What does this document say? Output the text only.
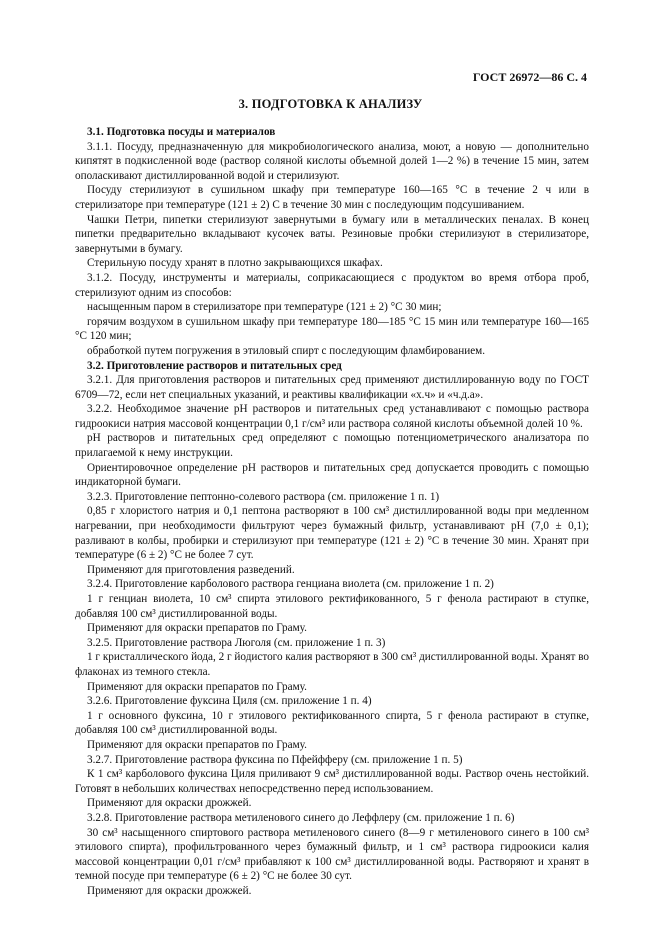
ГОСТ 26972—86 С. 4
3. ПОДГОТОВКА К АНАЛИЗУ

3.1. Подготовка посуды и материалов

3.1.1. Посуду, предназначенную для микробиологического анализа, моют, а новую — дополнительно кипятят в подкисленной воде (раствор соляной кислоты объемной долей 1—2 %) в течение 15 мин, затем ополаскивают дистиллированной водой и стерилизуют.

Посуду стерилизуют в сушильном шкафу при температуре 160—165 °С в течение 2 ч или в стерилизаторе при температуре (121 ± 2) С в течение 30 мин с последующим подсушиванием.

Чашки Петри, пипетки стерилизуют завернутыми в бумагу или в металлических пеналах. В конец пипетки предварительно вкладывают кусочек ваты. Резиновые пробки стерилизуют в стерилизаторе, завернутыми в бумагу.

Стерильную посуду хранят в плотно закрывающихся шкафах.

3.1.2. Посуду, инструменты и материалы, соприкасающиеся с продуктом во время отбора проб, стерилизуют одним из способов:

насыщенным паром в стерилизаторе при температуре (121 ± 2) °С 30 мин;

горячим воздухом в сушильном шкафу при температуре 180—185 °С 15 мин или температуре 160—165 °С 120 мин;

обработкой путем погружения в этиловый спирт с последующим фламбированием.

3.2. Приготовление растворов и питательных сред

3.2.1. Для приготовления растворов и питательных сред применяют дистиллированную воду по ГОСТ 6709—72, если нет специальных указаний, и реактивы квалификации «х.ч» и «ч.д.а».

3.2.2. Необходимое значение pH растворов и питательных сред устанавливают с помощью раствора гидроокиси натрия массовой концентрации 0,1 г/см³ или раствора соляной кислоты объемной долей 10 %.

pH растворов и питательных сред определяют с помощью потенциометрического анализатора по прилагаемой к нему инструкции.

Ориентировочное определение pH растворов и питательных сред допускается проводить с помощью индикаторной бумаги.

3.2.3. Приготовление пептонно-солевого раствора (см. приложение 1 п. 1)

0,85 г хлористого натрия и 0,1 пептона растворяют в 100 см³ дистиллированной воды при медленном нагревании, при необходимости фильтруют через бумажный фильтр, устанавливают pH (7,0 ± 0,1); разливают в колбы, пробирки и стерилизуют при температуре (121 ± 2) °С в течение 30 мин. Хранят при температуре (6 ± 2) °С не более 7 сут.

Применяют для приготовления разведений.

3.2.4. Приготовление карболового раствора генциана виолета (см. приложение 1 п. 2)

1 г генциан виолета, 10 см³ спирта этилового ректификованного, 5 г фенола растирают в ступке, добавляя 100 см³ дистиллированной воды.

Применяют для окраски препаратов по Граму.

3.2.5. Приготовление раствора Люголя (см. приложение 1 п. 3)

1 г кристаллического йода, 2 г йодистого калия растворяют в 300 см³ дистиллированной воды. Хранят во флаконах из темного стекла.

Применяют для окраски препаратов по Граму.

3.2.6. Приготовление фуксина Циля (см. приложение 1 п. 4)

1 г основного фуксина, 10 г этилового ректификованного спирта, 5 г фенола растирают в ступке, добавляя 100 см³ дистиллированной воды.

Применяют для окраски препаратов по Граму.

3.2.7. Приготовление раствора фуксина по Пфейфферу (см. приложение 1 п. 5)

К 1 см³ карболового фуксина Циля приливают 9 см³ дистиллированной воды. Раствор очень нестойкий. Готовят в небольших количествах непосредственно перед использованием.

Применяют для окраски дрожжей.

3.2.8. Приготовление раствора метиленового синего до Леффлеру (см. приложение 1 п. 6)

30 см³ насыщенного спиртового раствора метиленового синего (8—9 г метиленового синего в 100 см³ этилового спирта), профильтрованного через бумажный фильтр, и 1 см³ раствора гидроокиси калия массовой концентрации 0,01 г/см³ прибавляют к 100 см³ дистиллированной воды. Растворяют и хранят в темной посуде при температуре (6 ± 2) °С не более 30 сут.

Применяют для окраски дрожжей.
